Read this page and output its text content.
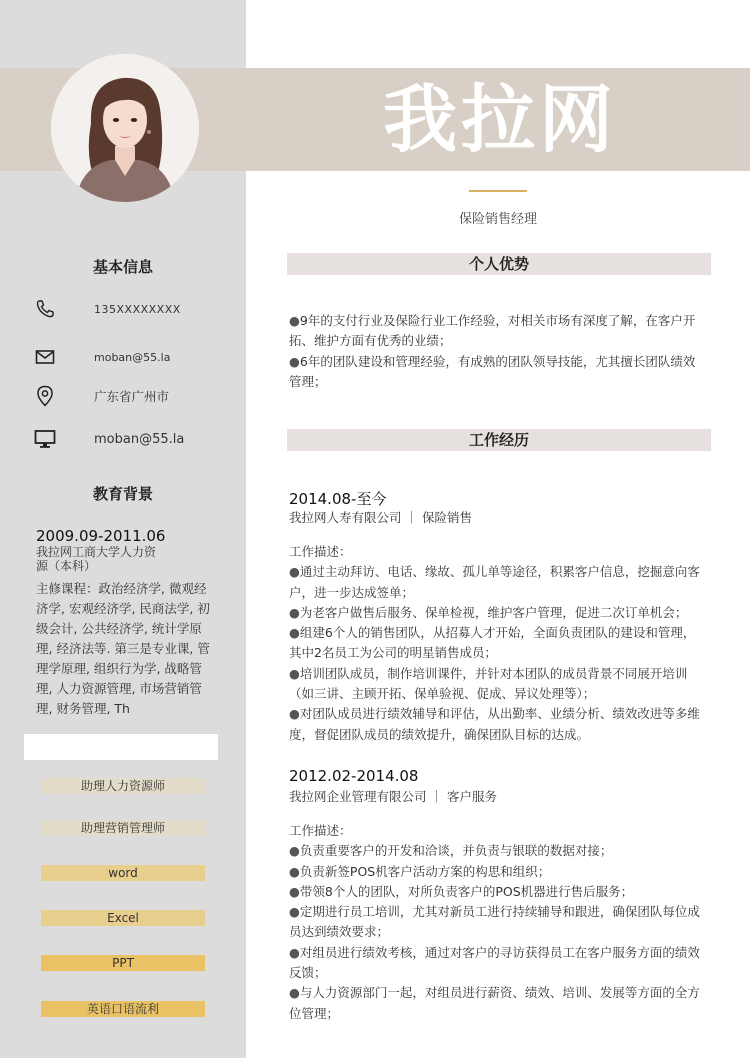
我拉网
保险销售经理
基本信息
135XXXXXXXX
moban@55.la
广东省广州市
moban@55.la
教育背景
2009.09-2011.06
我拉网工商大学人力资源（本科）
主修课程：政治经济学, 微观经济学, 宏观经济学, 民商法学, 初级会计, 公共经济学, 统计学原理, 经济法等. 第三是专业课, 管理学原理, 组织行为学, 战略管理, 人力资源管理, 市场营销管理, 财务管理, Th
助理人力资源师
助理营销管理师
word
Excel
PPT
英语口语流利
个人优势

●9年的支付行业及保险行业工作经验，对相关市场有深度了解，在客户开拓、维护方面有优秀的业绩；

●6年的团队建设和管理经验，有成熟的团队领导技能，尤其擅长团队绩效管理；

工作经历
2014.08-至今
我拉网人寿有限公司 ｜ 保险销售

工作描述：

●通过主动拜访、电话、缘故、孤儿单等途径，积累客户信息，挖掘意向客户，进一步达成签单；

●为老客户做售后服务、保单检视，维护客户管理，促进二次订单机会；

●组建6个人的销售团队，从招募人才开始，全面负责团队的建设和管理，其中2名员工为公司的明星销售成员；

●培训团队成员，制作培训课件，并针对本团队的成员背景不同展开培训（如三讲、主顾开拓、保单验视、促成、异议处理等）；

●对团队成员进行绩效辅导和评估，从出勤率、业绩分析、绩效改进等多维度，督促团队成员的绩效提升，确保团队目标的达成。

2012.02-2014.08
我拉网企业管理有限公司 ｜ 客户服务

工作描述：

●负责重要客户的开发和洽谈，并负责与银联的数据对接；

●负责新签POS机客户活动方案的构思和组织；

●带领8个人的团队，对所负责客户的POS机器进行售后服务；

●定期进行员工培训，尤其对新员工进行持续辅导和跟进，确保团队每位成员达到绩效要求；

●对组员进行绩效考核，通过对客户的寻访获得员工在客户服务方面的绩效反馈；

●与人力资源部门一起，对组员进行薪资、绩效、培训、发展等方面的全方位管理；
